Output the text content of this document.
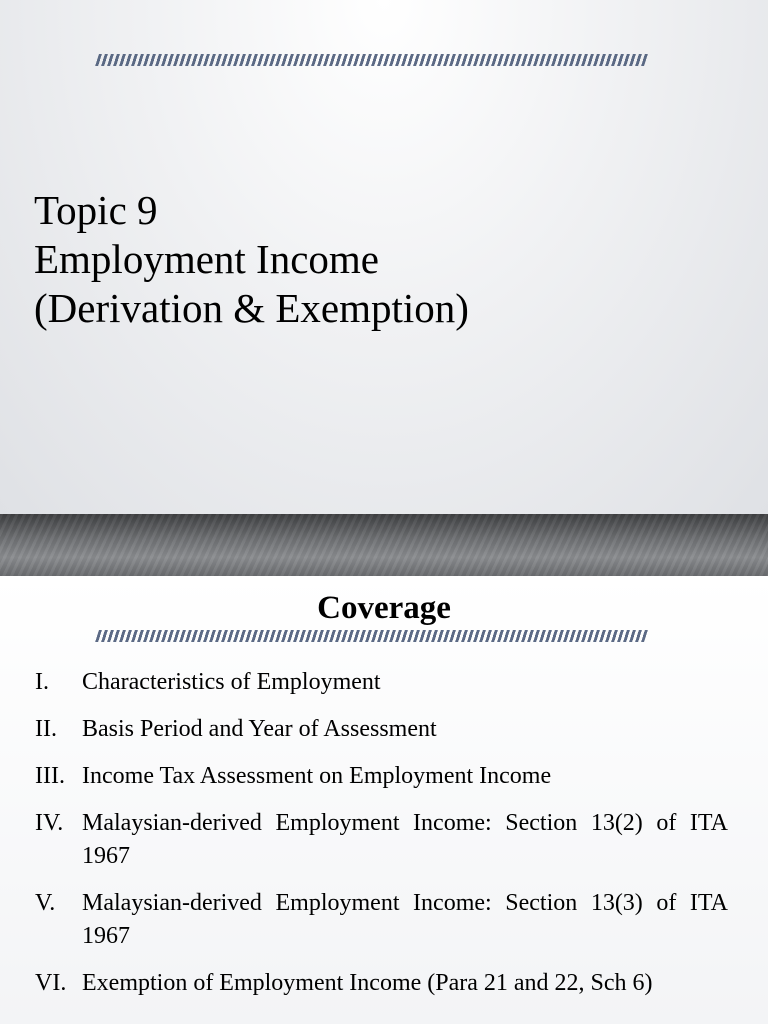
Topic 9
Employment Income
(Derivation & Exemption)
Coverage
I. Characteristics of Employment
II. Basis Period and Year of Assessment
III. Income Tax Assessment on Employment Income
IV. Malaysian-derived Employment Income: Section 13(2) of ITA 1967
V. Malaysian-derived Employment Income: Section 13(3) of ITA 1967
VI. Exemption of Employment Income (Para 21 and 22, Sch 6)
